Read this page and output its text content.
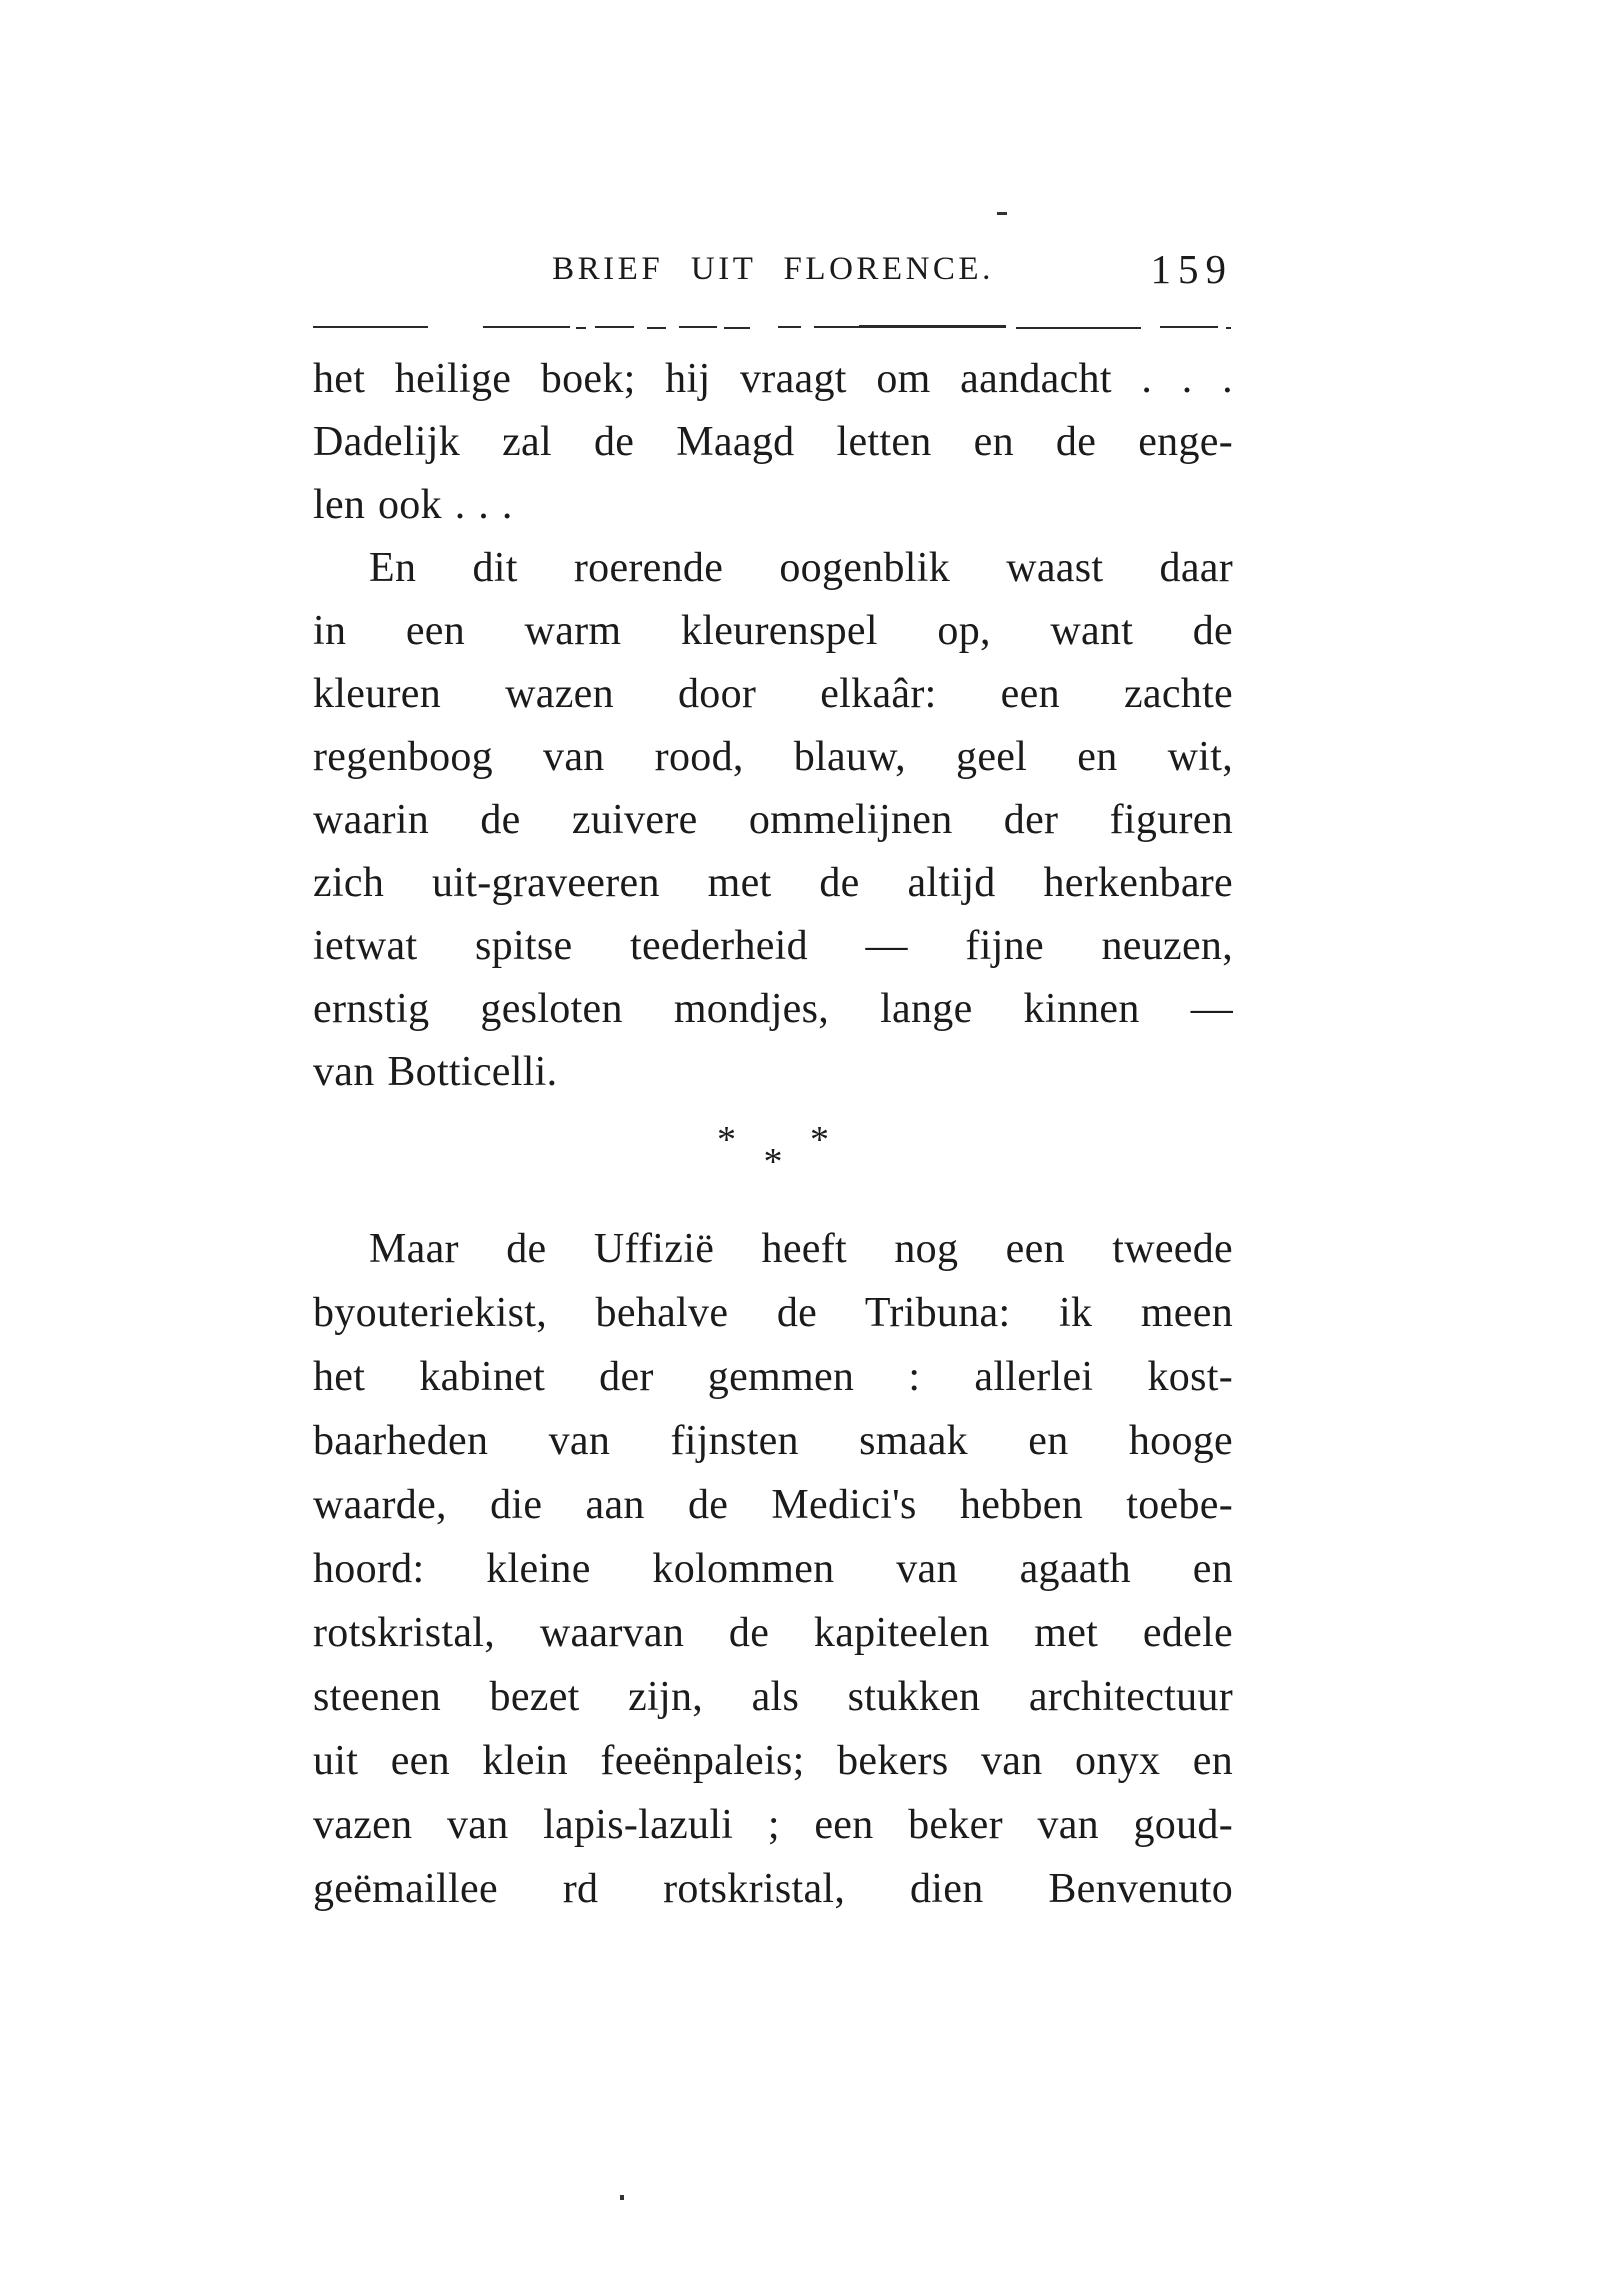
BRIEF UIT FLORENCE.	159
het heilige boek; hij vraagt om aandacht . . .
Dadelijk zal de Maagd letten en de enge-
len ook . . .
En dit roerende oogenblik waast daar
in een warm kleurenspel op, want de
kleuren wazen door elkaâr: een zachte
regenboog van rood, blauw, geel en wit,
waarin de zuivere ommelijnen der figuren
zich uit-graveeren met de altijd herkenbare
ietwat spitse teederheid — fijne neuzen,
ernstig gesloten mondjes, lange kinnen —
van Botticelli.
* * *
Maar de Uffizië heeft nog een tweede
byouteriekist, behalve de Tribuna: ik meen
het kabinet der gemmen : allerlei kost-
baarheden van fijnsten smaak en hooge
waarde, die aan de Medici's hebben toebe-
hoord: kleine kolommen van agaath en
rotskristal, waarvan de kapiteelen met edele
steenen bezet zijn, als stukken architectuur
uit een klein feeënpaleis; bekers van onyx en
vazen van lapis-lazuli ; een beker van goud-
geëmaillee rd rotskristal, dien Benvenuto
